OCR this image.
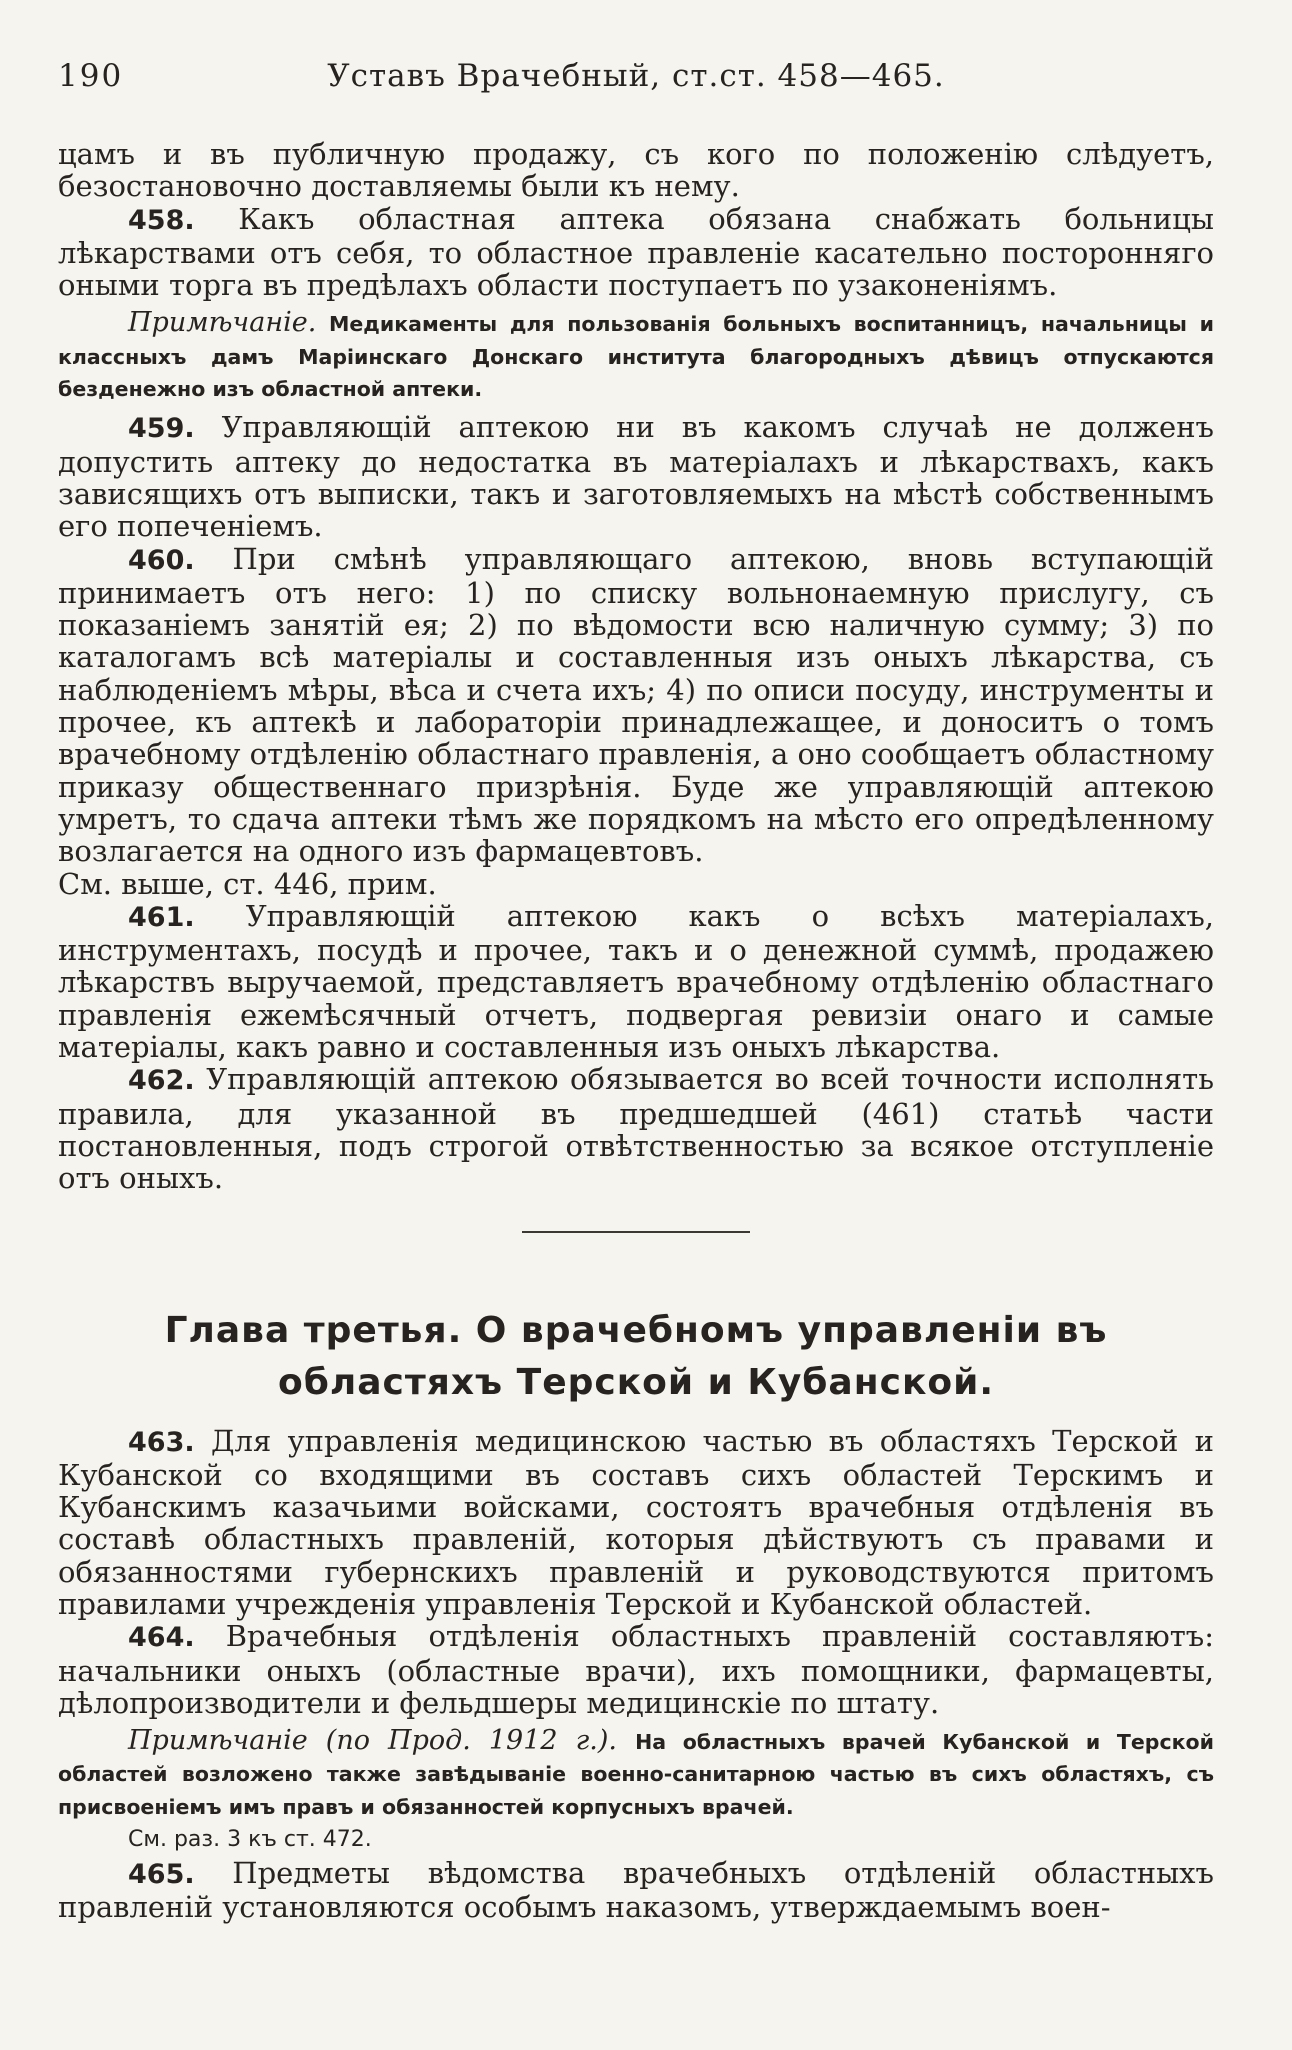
190	Уставъ Врачебный, ст.ст. 458—465.

цамъ и въ публичную продажу, съ кого по положенію слѣдуетъ, безостановочно доставляемы были къ нему.

458. Какъ областная аптека обязана снабжать больницы лѣкарствами отъ себя, то областное правленіе касательно посторонняго оными торга въ предѣлахъ области поступаетъ по узаконеніямъ.

Примѣчаніе. Медикаменты для пользованія больныхъ воспитанницъ, начальницы и классныхъ дамъ Маріинскаго Донскаго института благородныхъ дѣвицъ отпускаются безденежно изъ областной аптеки.

459. Управляющій аптекою ни въ какомъ случаѣ не долженъ допустить аптеку до недостатка въ матеріалахъ и лѣкарствахъ, какъ зависящихъ отъ выписки, такъ и заготовляемыхъ на мѣстѣ собственнымъ его попеченіемъ.

460. При смѣнѣ управляющаго аптекою, вновь вступающій принимаетъ отъ него: 1) по списку вольнонаемную прислугу, съ показаніемъ занятій ея; 2) по вѣдомости всю наличную сумму; 3) по каталогамъ всѣ матеріалы и составленныя изъ оныхъ лѣкарства, съ наблюденіемъ мѣры, вѣса и счета ихъ; 4) по описи посуду, инструменты и прочее, къ аптекѣ и лабораторіи принадлежащее, и доноситъ о томъ врачебному отдѣленію областнаго правленія, а оно сообщаетъ областному приказу общественнаго призрѣнія. Буде же управляющій аптекою умретъ, то сдача аптеки тѣмъ же порядкомъ на мѣсто его опредѣленному возлагается на одного изъ фармацевтовъ.

См. выше, ст. 446, прим.

461. Управляющій аптекою какъ о всѣхъ матеріалахъ, инструментахъ, посудѣ и прочее, такъ и о денежной суммѣ, продажею лѣкарствъ выручаемой, представляетъ врачебному отдѣленію областнаго правленія ежемѣсячный отчетъ, подвергая ревизіи онаго и самые матеріалы, какъ равно и составленныя изъ оныхъ лѣкарства.

462. Управляющій аптекою обязывается во всей точности исполнять правила, для указанной въ предшедшей (461) статьѣ части постановленныя, подъ строгой отвѣтственностью за всякое отступленіе отъ оныхъ.

Глава третья. О врачебномъ управленіи въ областяхъ Терской и Кубанской.

463. Для управленія медицинскою частью въ областяхъ Терской и Кубанской со входящими въ составъ сихъ областей Терскимъ и Кубанскимъ казачьими войсками, состоятъ врачебныя отдѣленія въ составѣ областныхъ правленій, которыя дѣйствуютъ съ правами и обязанностями губернскихъ правленій и руководствуются притомъ правилами учрежденія управленія Терской и Кубанской областей.

464. Врачебныя отдѣленія областныхъ правленій составляютъ: начальники оныхъ (областные врачи), ихъ помощники, фармацевты, дѣлопроизводители и фельдшеры медицинскіе по штату.

Примѣчаніе (по Прод. 1912 г.). На областныхъ врачей Кубанской и Терской областей возложено также завѣдываніе военно-санитарною частью въ сихъ областяхъ, съ присвоеніемъ имъ правъ и обязанностей корпусныхъ врачей.

См. раз. 3 къ ст. 472.

465. Предметы вѣдомства врачебныхъ отдѣленій областныхъ правленій установляются особымъ наказомъ, утверждаемымъ воен-
